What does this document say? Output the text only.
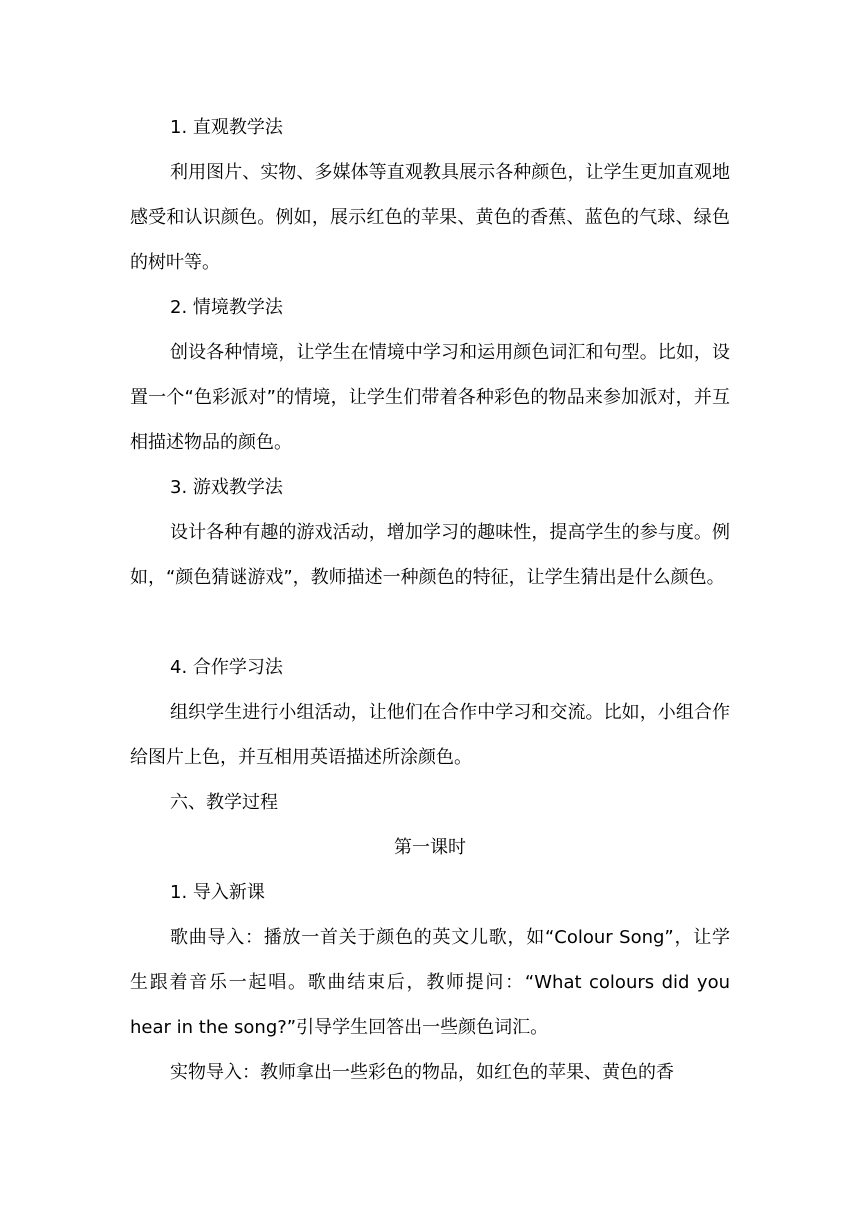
1. 直观教学法

利用图片、实物、多媒体等直观教具展示各种颜色，让学生更加直观地感受和认识颜色。例如，展示红色的苹果、黄色的香蕉、蓝色的气球、绿色的树叶等。

2. 情境教学法

创设各种情境，让学生在情境中学习和运用颜色词汇和句型。比如，设置一个“色彩派对”的情境，让学生们带着各种彩色的物品来参加派对，并互相描述物品的颜色。

3. 游戏教学法

设计各种有趣的游戏活动，增加学习的趣味性，提高学生的参与度。例如，“颜色猜谜游戏”，教师描述一种颜色的特征，让学生猜出是什么颜色。

4. 合作学习法

组织学生进行小组活动，让他们在合作中学习和交流。比如，小组合作给图片上色，并互相用英语描述所涂颜色。

六、教学过程

第一课时

1. 导入新课

歌曲导入：播放一首关于颜色的英文儿歌，如“Colour Song”，让学生跟着音乐一起唱。歌曲结束后，教师提问：“What colours did you hear in the song?”引导学生回答出一些颜色词汇。

实物导入：教师拿出一些彩色的物品，如红色的苹果、黄色的香
